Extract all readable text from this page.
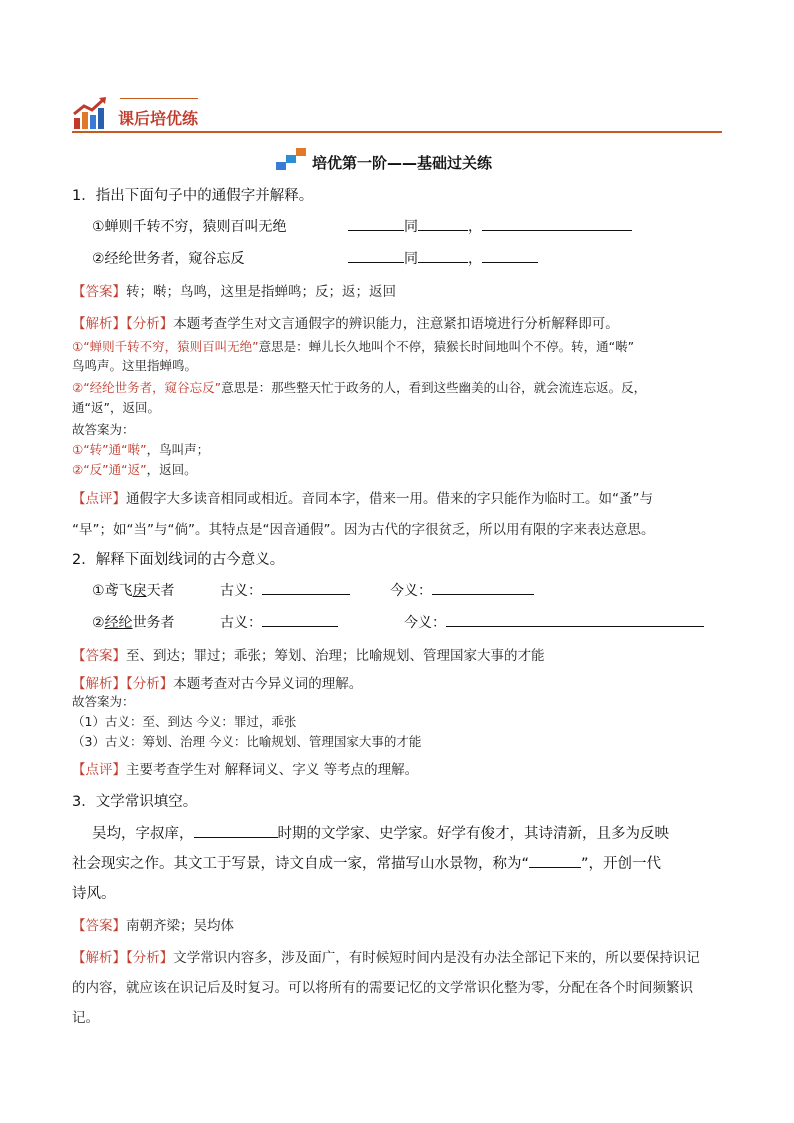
课后培优练
培优第一阶——基础过关练
1．指出下面句子中的通假字并解释。
①蝉则千转不穷，猿则百叫无绝	同	，
②经纶世务者，窥谷忘反	同	，
【答案】转；啭；鸟鸣，这里是指蝉鸣；反；返；返回
【解析】【分析】本题考查学生对文言通假字的辨识能力，注意紧扣语境进行分析解释即可。
①“蝉则千转不穷，猿则百叫无绝”意思是：蝉儿长久地叫个不停，猿猴长时间地叫个不停。转，通“啭”
鸟鸣声。这里指蝉鸣。
②“经纶世务者，窥谷忘反”意思是：那些整天忙于政务的人，看到这些幽美的山谷，就会流连忘返。反，
通“返”，返回。
故答案为：
①“转”通“啭”，鸟叫声；
②“反”通“返”，返回。
【点评】通假字大多读音相同或相近。音同本字，借来一用。借来的字只能作为临时工。如“蚤”与
“早”；如“当”与“倘”。其特点是“因音通假”。因为古代的字很贫乏，所以用有限的字来表达意思。
2．解释下面划线词的古今意义。
①鸢飞戾天者	古义：	今义：
②经纶世务者	古义：	今义：
【答案】至、到达；罪过；乖张；筹划、治理；比喻规划、管理国家大事的才能
【解析】【分析】本题考查对古今异义词的理解。
故答案为：
（1）古义：至、到达 今义：罪过，乖张
（3）古义：筹划、治理 今义：比喻规划、管理国家大事的才能
【点评】主要考查学生对 解释词义、字义 等考点的理解。
3．文学常识填空。
吴均，字叔庠，	时期的文学家、史学家。好学有俊才，其诗清新，且多为反映
社会现实之作。其文工于写景，诗文自成一家，常描写山水景物，称为“	”，开创一代
诗风。
【答案】南朝齐梁；吴均体
【解析】【分析】文学常识内容多，涉及面广，有时候短时间内是没有办法全部记下来的，所以要保持识记
的内容，就应该在识记后及时复习。可以将所有的需要记忆的文学常识化整为零，分配在各个时间频繁识
记。
